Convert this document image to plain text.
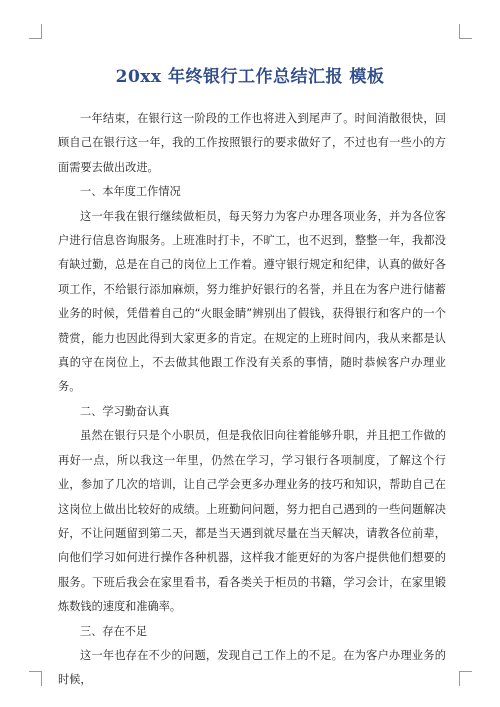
20xx 年终银行工作总结汇报 模板

一年结束，在银行这一阶段的工作也将进入到尾声了。时间消散很快，回顾自己在银行这一年，我的工作按照银行的要求做好了，不过也有一些小的方面需要去做出改进。

一、本年度工作情况

这一年我在银行继续做柜员，每天努力为客户办理各项业务，并为各位客户进行信息咨询服务。上班准时打卡，不旷工，也不迟到，整整一年，我都没有缺过勤，总是在自己的岗位上工作着。遵守银行规定和纪律，认真的做好各项工作，不给银行添加麻烦，努力维护好银行的名誉，并且在为客户进行储蓄业务的时候，凭借着自己的“火眼金睛”辨别出了假钱，获得银行和客户的一个赞赏，能力也因此得到大家更多的肯定。在规定的上班时间内，我从来都是认真的守在岗位上，不去做其他跟工作没有关系的事情，随时恭候客户办理业务。

二、学习勤奋认真

虽然在银行只是个小职员，但是我依旧向往着能够升职，并且把工作做的再好一点，所以我这一年里，仍然在学习，学习银行各项制度，了解这个行业，参加了几次的培训，让自己学会更多办理业务的技巧和知识，帮助自己在这岗位上做出比较好的成绩。上班勤问问题，努力把自己遇到的一些问题解决好，不让问题留到第二天，都是当天遇到就尽量在当天解决，请教各位前辈，向他们学习如何进行操作各种机器，这样我才能更好的为客户提供他们想要的服务。下班后我会在家里看书，看各类关于柜员的书籍，学习会计，在家里锻炼数钱的速度和准确率。

三、存在不足

这一年也存在不少的问题，发现自己工作上的不足。在为客户办理业务的时候，
